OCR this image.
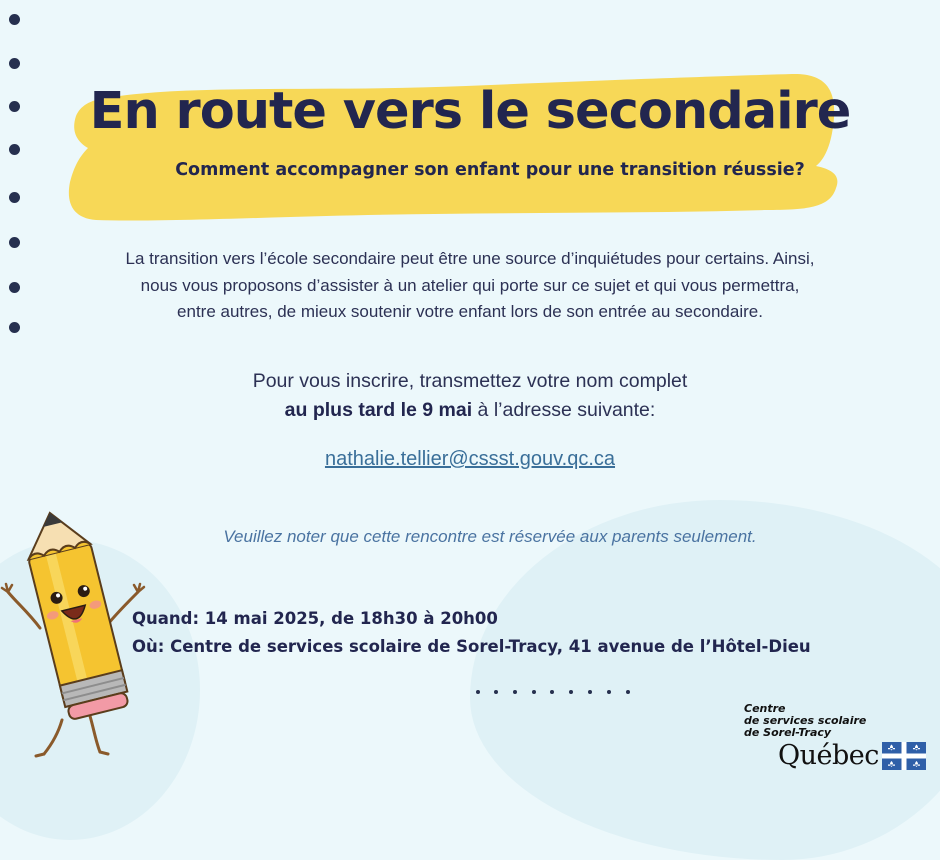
En route vers le secondaire

Comment accompagner son enfant pour une transition réussie?

La transition vers l’école secondaire peut être une source d’inquiétudes pour certains. Ainsi,
nous vous proposons d’assister à un atelier qui porte sur ce sujet et qui vous permettra,
entre autres, de mieux soutenir votre enfant lors de son entrée au secondaire.
Pour vous inscrire, transmettez votre nom complet
au plus tard le 9 mai à l’adresse suivante:
nathalie.tellier@cssst.gouv.qc.ca
Veuillez noter que cette rencontre est réservée aux parents seulement.
Quand: 14 mai 2025, de 18h30 à 20h00
Où: Centre de services scolaire de Sorel-Tracy, 41 avenue de l’Hôtel-Dieu
Centre
de services scolaire
de Sorel-Tracy
Québec
